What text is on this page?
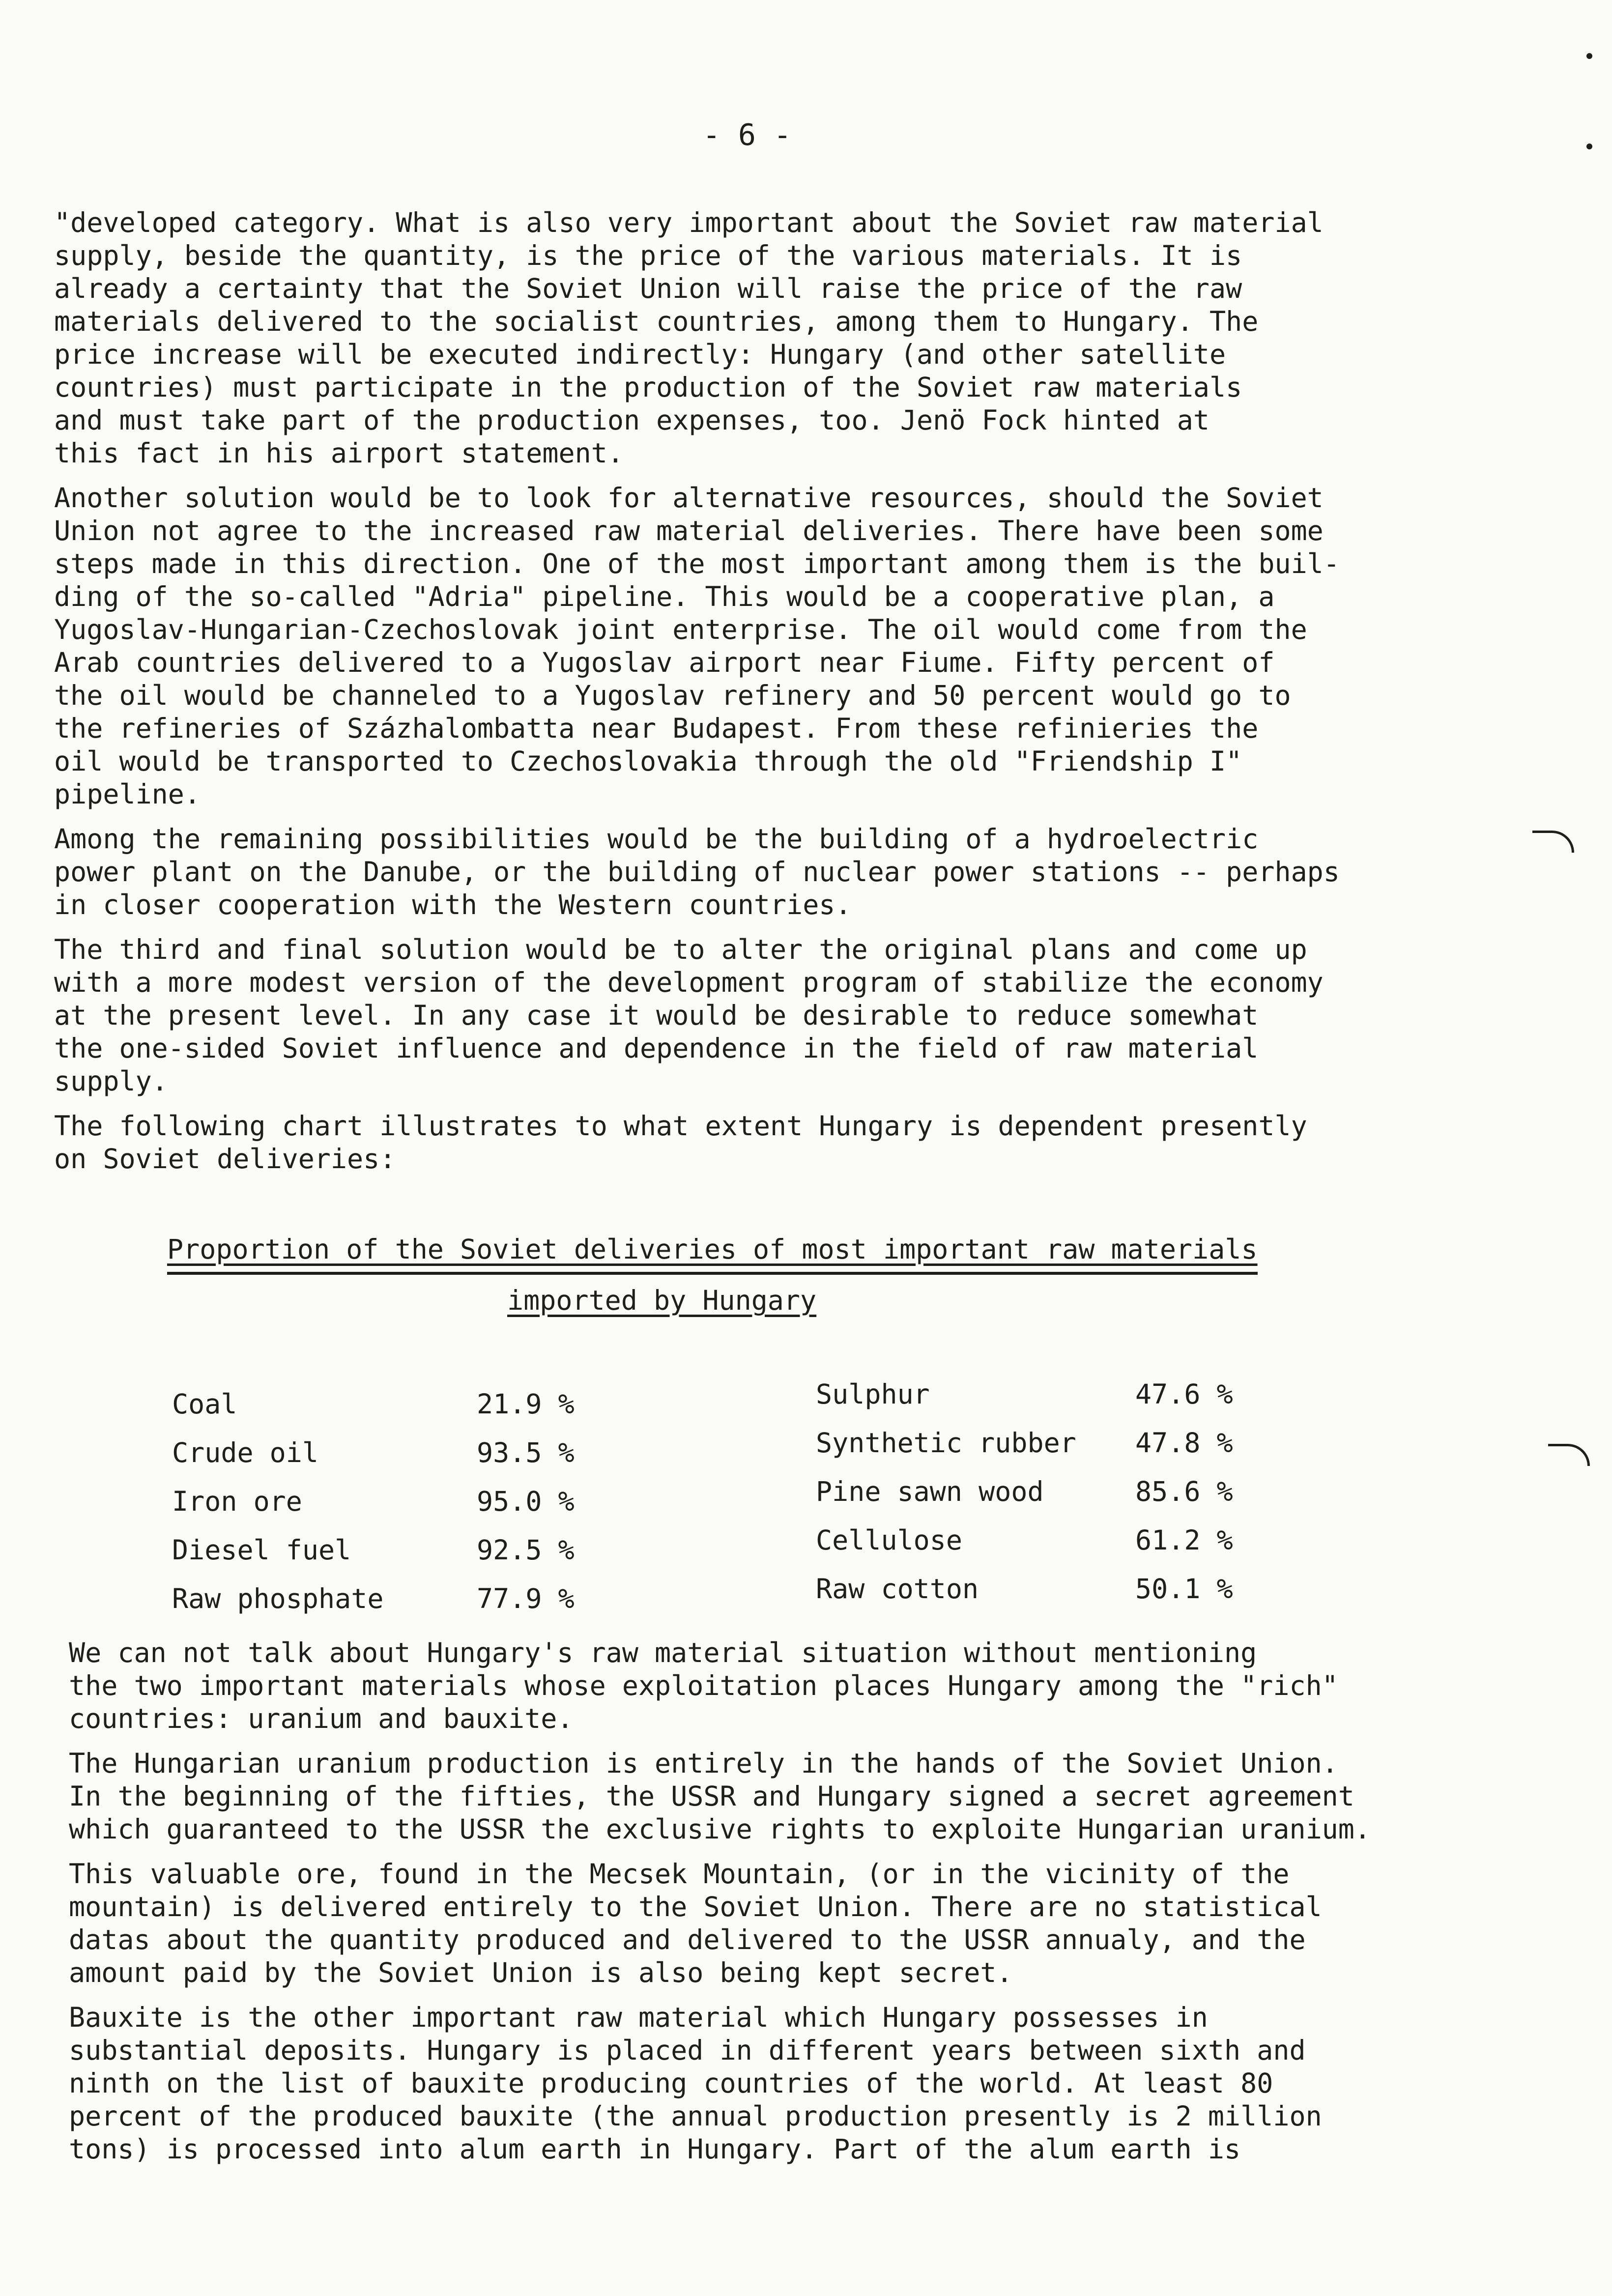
- 6 -

"developed category. What is also very important about the Soviet raw material
supply, beside the quantity, is the price of the various materials. It is
already a certainty that the Soviet Union will raise the price of the raw
materials delivered to the socialist countries, among them to Hungary. The
price increase will be executed indirectly: Hungary (and other satellite
countries) must participate in the production of the Soviet raw materials
and must take part of the production expenses, too. Jenö Fock hinted at
this fact in his airport statement.

Another solution would be to look for alternative resources, should the Soviet
Union not agree to the increased raw material deliveries. There have been some
steps made in this direction. One of the most important among them is the buil-
ding of the so-called "Adria" pipeline. This would be a cooperative plan, a
Yugoslav-Hungarian-Czechoslovak joint enterprise. The oil would come from the
Arab countries delivered to a Yugoslav airport near Fiume. Fifty percent of
the oil would be channeled to a Yugoslav refinery and 50 percent would go to
the refineries of Százhalombatta near Budapest. From these refinieries the
oil would be transported to Czechoslovakia through the old "Friendship I"
pipeline.

Among the remaining possibilities would be the building of a hydroelectric
power plant on the Danube, or the building of nuclear power stations -- perhaps
in closer cooperation with the Western countries.

The third and final solution would be to alter the original plans and come up
with a more modest version of the development program of stabilize the economy
at the present level. In any case it would be desirable to reduce somewhat
the one-sided Soviet influence and dependence in the field of raw material
supply.

The following chart illustrates to what extent Hungary is dependent presently
on Soviet deliveries:

Proportion of the Soviet deliveries of most important raw materials
imported by Hungary
Coal	21.9 %
Crude oil	93.5 %
Iron ore	95.0 %
Diesel fuel	92.5 %
Raw phosphate	77.9 %
Sulphur	47.6 %
Synthetic rubber 47.8 %
Pine sawn wood	85.6 %
Cellulose	61.2 %
Raw cotton	50.1 %

We can not talk about Hungary's raw material situation without mentioning
the two important materials whose exploitation places Hungary among the "rich"
countries: uranium and bauxite.

The Hungarian uranium production is entirely in the hands of the Soviet Union.
In the beginning of the fifties, the USSR and Hungary signed a secret agreement
which guaranteed to the USSR the exclusive rights to exploite Hungarian uranium.

This valuable ore, found in the Mecsek Mountain, (or in the vicinity of the
mountain) is delivered entirely to the Soviet Union. There are no statistical
datas about the quantity produced and delivered to the USSR annualy, and the
amount paid by the Soviet Union is also being kept secret.

Bauxite is the other important raw material which Hungary possesses in
substantial deposits. Hungary is placed in different years between sixth and
ninth on the list of bauxite producing countries of the world. At least 80
percent of the produced bauxite (the annual production presently is 2 million
tons) is processed into alum earth in Hungary. Part of the alum earth is
